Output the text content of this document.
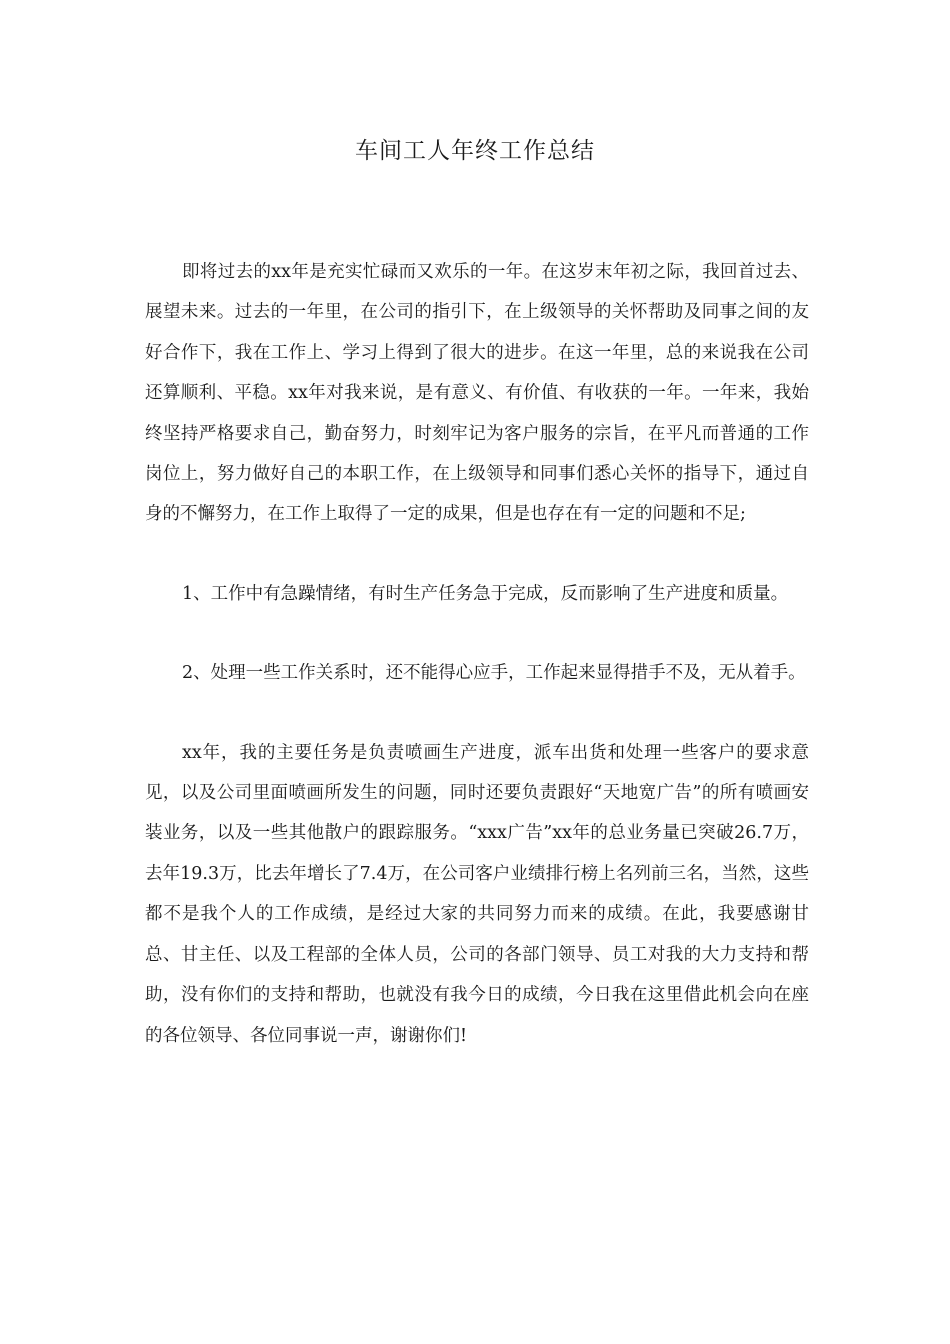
车间工人年终工作总结

即将过去的xx年是充实忙碌而又欢乐的一年。在这岁末年初之际，我回首过去、展望未来。过去的一年里，在公司的指引下，在上级领导的关怀帮助及同事之间的友好合作下，我在工作上、学习上得到了很大的进步。在这一年里，总的来说我在公司还算顺利、平稳。xx年对我来说，是有意义、有价值、有收获的一年。一年来，我始终坚持严格要求自己，勤奋努力，时刻牢记为客户服务的宗旨，在平凡而普通的工作岗位上，努力做好自己的本职工作，在上级领导和同事们悉心关怀的指导下，通过自身的不懈努力，在工作上取得了一定的成果，但是也存在有一定的问题和不足;

1、工作中有急躁情绪，有时生产任务急于完成，反而影响了生产进度和质量。

2、处理一些工作关系时，还不能得心应手，工作起来显得措手不及，无从着手。

xx年，我的主要任务是负责喷画生产进度，派车出货和处理一些客户的要求意见，以及公司里面喷画所发生的问题，同时还要负责跟好“天地宽广告”的所有喷画安装业务，以及一些其他散户的跟踪服务。“xxx广告”xx年的总业务量已突破26.7万，去年19.3万，比去年增长了7.4万，在公司客户业绩排行榜上名列前三名，当然，这些都不是我个人的工作成绩，是经过大家的共同努力而来的成绩。在此，我要感谢甘总、甘主任、以及工程部的全体人员，公司的各部门领导、员工对我的大力支持和帮助，没有你们的支持和帮助，也就没有我今日的成绩，今日我在这里借此机会向在座的各位领导、各位同事说一声，谢谢你们!
